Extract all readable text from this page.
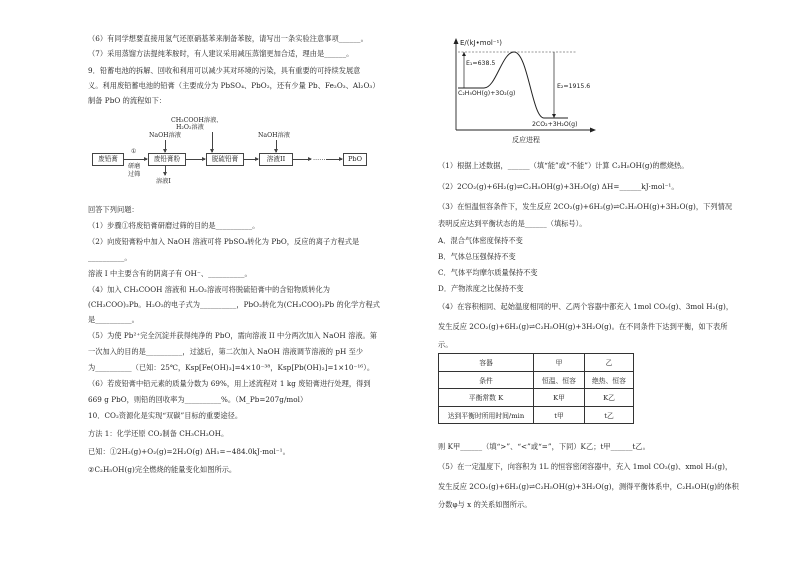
（6）有同学想要直接用氢气还原硝基苯来制备苯胺，请写出一条实验注意事项______。
（7）采用蒸馏方法提纯苯胺时，有人建议采用减压蒸馏更加合适，理由是______。
9．铅蓄电池的拆解、回收和利用可以减少其对环境的污染，具有重要的可持续发展意
义。利用废铅蓄电池的铅膏（主要成分为 PbSO₄、PbO₂，还有少量 Pb、Fe₂O₃、Al₂O₃）
制备 PbO 的流程如下：
CH₃COOH溶液、
H₂O₂溶液
NaOH溶液	NaOH溶液
废铅膏
①
研磨
过筛
废铅膏粉	脱硫铅膏	溶液II	……	PbO
溶液I
回答下列问题：
（1）步骤①将废铅膏研磨过筛的目的是__________。
（2）向废铅膏粉中加入 NaOH 溶液可将 PbSO₄转化为 PbO，反应的离子方程式是
__________。
溶液 I 中主要含有的阴离子有 OH⁻、__________。
（4）加入 CH₃COOH 溶液和 H₂O₂溶液可将脱硫铅膏中的含铅物质转化为
(CH₃COO)₂Pb。H₂O₂的电子式为__________，PbO₂转化为(CH₃COO)₂Pb 的化学方程式
是__________。
（5）为使 Pb²⁺完全沉淀并获得纯净的 PbO，需向溶液 II 中分两次加入 NaOH 溶液。第
一次加入的目的是__________，过滤后，第二次加入 NaOH 溶液调节溶液的 pH 至少
为__________（已知：25℃，Ksp[Fe(OH)₃]=4×10⁻³⁸，Ksp[Pb(OH)₂]=1×10⁻¹⁶）。
（6）若废铅膏中铅元素的质量分数为 69%，用上述流程对 1 kg 废铅膏进行处理，得到
669 g PbO，则铅的回收率为__________%。（M_Pb=207g/mol）
10．CO₂资源化是实现“双碳”目标的重要途径。
方法 1：化学还原 CO₂制备 CH₃CH₂OH。
已知：①2H₂(g)+O₂(g)=2H₂O(g) ΔH₁=−484.0kJ·mol⁻¹。
②C₂H₅OH(g)完全燃烧的能量变化如图所示。
E/(kJ•mol⁻¹)
E₁=638.5
C₂H₅OH(g)+3O₂(g)
E₂=1915.6
2CO₂+3H₂O(g)
反应进程
（1）根据上述数据，______（填“能”或“不能”）计算 C₂H₅OH(g)的燃烧热。
（2）2CO₂(g)+6H₂(g)⇌C₂H₅OH(g)+3H₂O(g) ΔH=______kJ·mol⁻¹。
（3）在恒温恒容条件下，发生反应 2CO₂(g)+6H₂(g)⇌C₂H₅OH(g)+3H₂O(g)，下列情况
表明反应达到平衡状态的是______（填标号）。
A．混合气体密度保持不变
B．气体总压强保持不变
C．气体平均摩尔质量保持不变
D．产物浓度之比保持不变
（4）在容积相同、起始温度相同的甲、乙两个容器中都充入 1mol CO₂(g)、3mol H₂(g)，
发生反应 2CO₂(g)+6H₂(g)⇌C₂H₅OH(g)+3H₂O(g)。在不同条件下达到平衡，如下表所
示。
容器	甲	乙
条件	恒温、恒容	绝热、恒容
平衡常数 K	K甲	K乙
达到平衡时所用时间/min	t甲	t乙
则 K甲______（填“>”、“<”或“=”，下同）K乙；t甲______t乙。
（5）在一定温度下，向容积为 1L 的恒容密闭容器中，充入 1mol CO₂(g)、xmol H₂(g)，
发生反应 2CO₂(g)+6H₂(g)⇌C₂H₅OH(g)+3H₂O(g)，测得平衡体系中，C₂H₅OH(g)的体积
分数φ与 x 的关系如图所示。
